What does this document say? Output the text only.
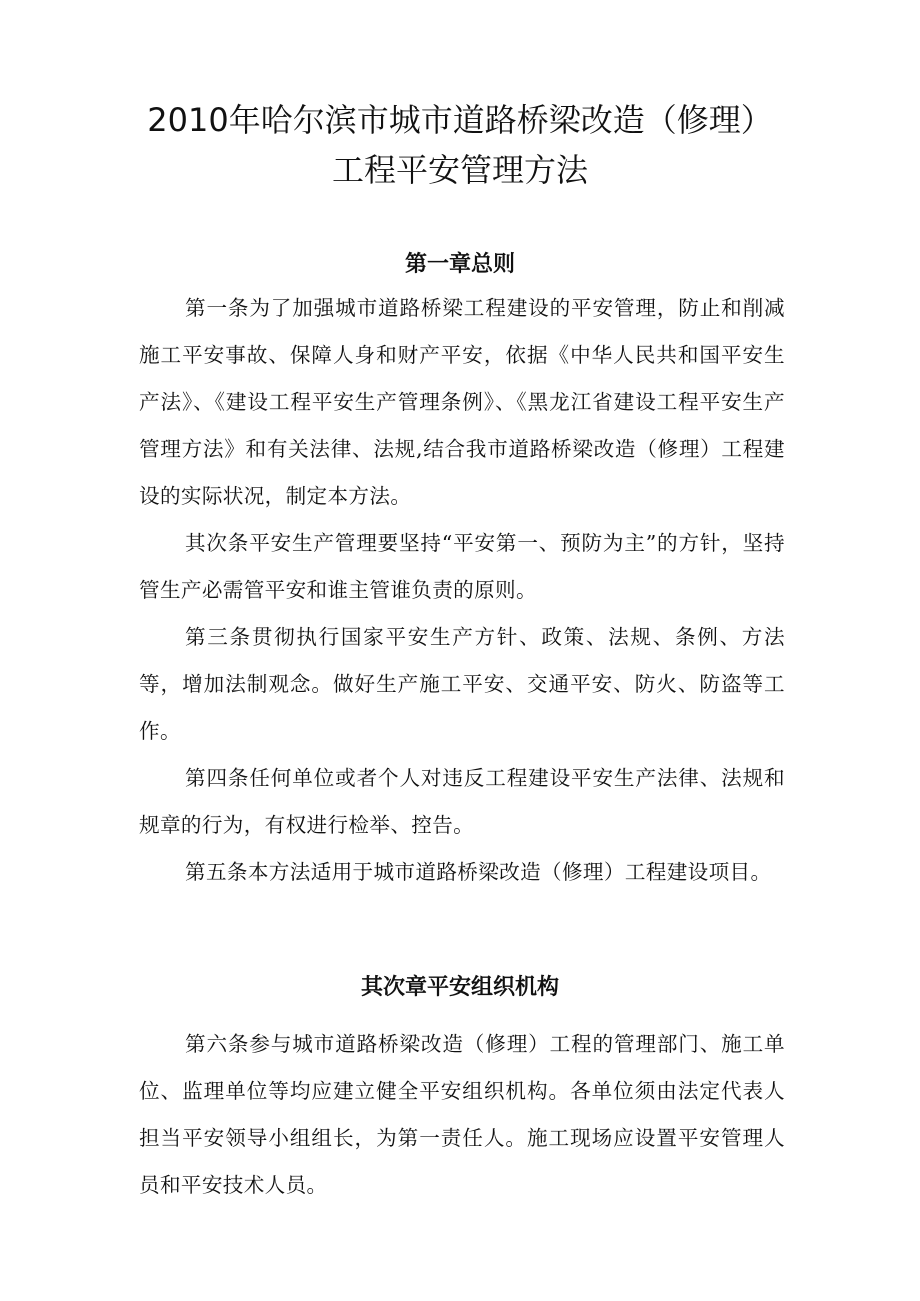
2010年哈尔滨市城市道路桥梁改造（修理）
工程平安管理方法
第一章总则

第一条为了加强城市道路桥梁工程建设的平安管理，防止和削减施工平安事故、保障人身和财产平安，依据《中华人民共和国平安生产法》、《建设工程平安生产管理条例》、《黑龙江省建设工程平安生产管理方法》和有关法律、法规,结合我市道路桥梁改造（修理）工程建设的实际状况，制定本方法。

其次条平安生产管理要坚持“平安第一、预防为主”的方针，坚持管生产必需管平安和谁主管谁负责的原则。

第三条贯彻执行国家平安生产方针、政策、法规、条例、方法等，增加法制观念。做好生产施工平安、交通平安、防火、防盗等工作。

第四条任何单位或者个人对违反工程建设平安生产法律、法规和规章的行为，有权进行检举、控告。

第五条本方法适用于城市道路桥梁改造（修理）工程建设项目。

其次章平安组织机构

第六条参与城市道路桥梁改造（修理）工程的管理部门、施工单位、监理单位等均应建立健全平安组织机构。各单位须由法定代表人担当平安领导小组组长，为第一责任人。施工现场应设置平安管理人员和平安技术人员。
